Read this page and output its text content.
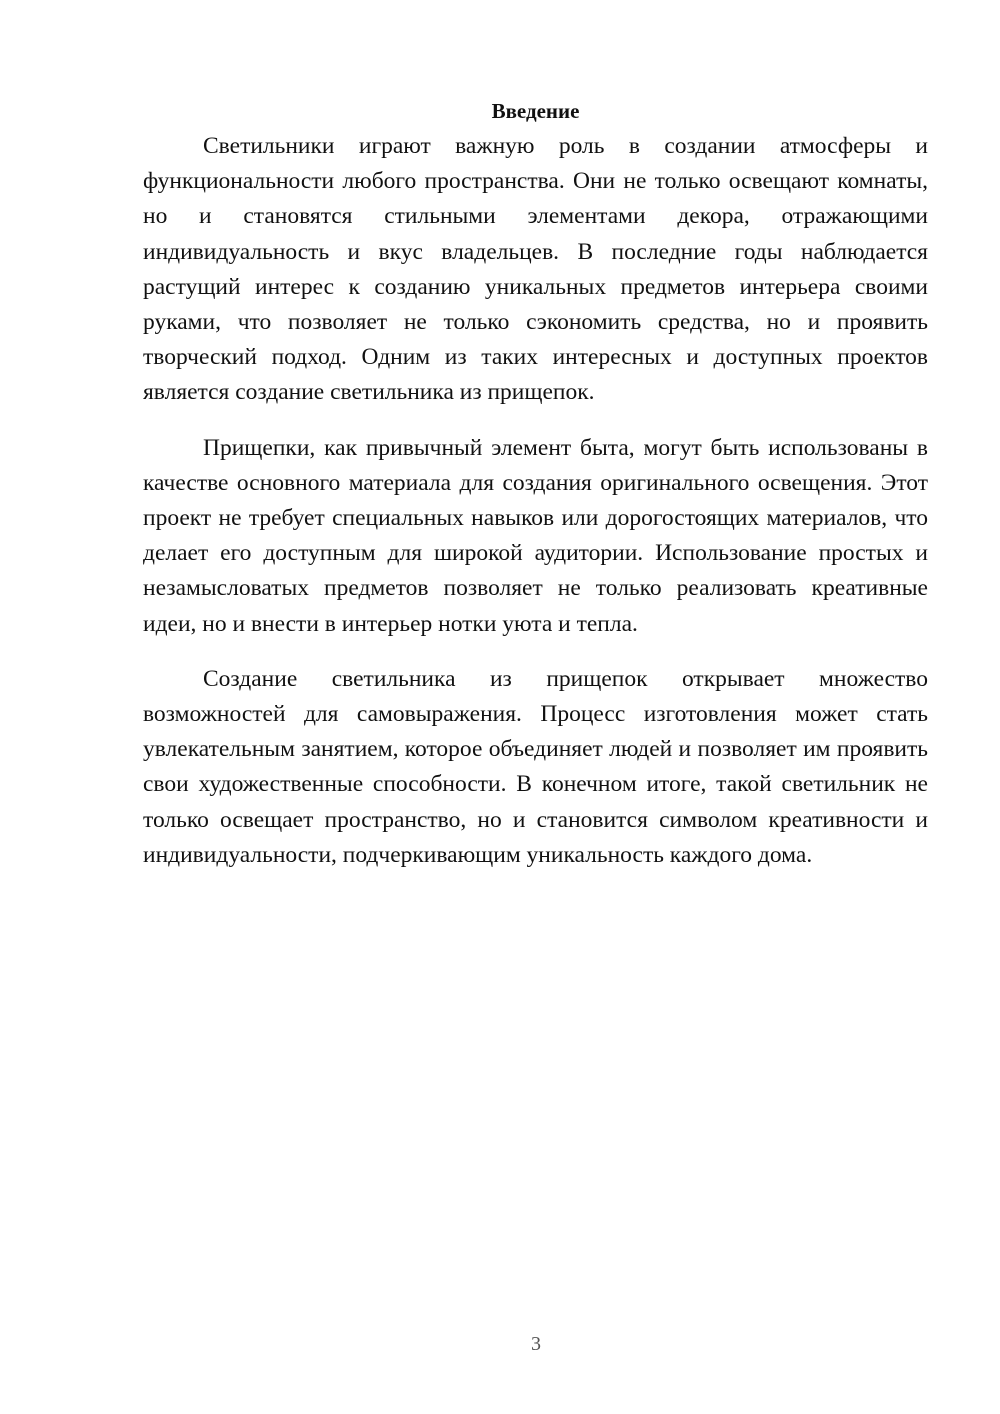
Введение

Светильники играют важную роль в создании атмосферы и функциональности любого пространства. Они не только освещают комнаты, но и становятся стильными элементами декора, отражающими индивидуальность и вкус владельцев. В последние годы наблюдается растущий интерес к созданию уникальных предметов интерьера своими руками, что позволяет не только сэкономить средства, но и проявить творческий подход. Одним из таких интересных и доступных проектов является создание светильника из прищепок.

Прищепки, как привычный элемент быта, могут быть использованы в качестве основного материала для создания оригинального освещения. Этот проект не требует специальных навыков или дорогостоящих материалов, что делает его доступным для широкой аудитории. Использование простых и незамысловатых предметов позволяет не только реализовать креативные идеи, но и внести в интерьер нотки уюта и тепла.

Создание светильника из прищепок открывает множество возможностей для самовыражения. Процесс изготовления может стать увлекательным занятием, которое объединяет людей и позволяет им проявить свои художественные способности. В конечном итоге, такой светильник не только освещает пространство, но и становится символом креативности и индивидуальности, подчеркивающим уникальность каждого дома.

3
